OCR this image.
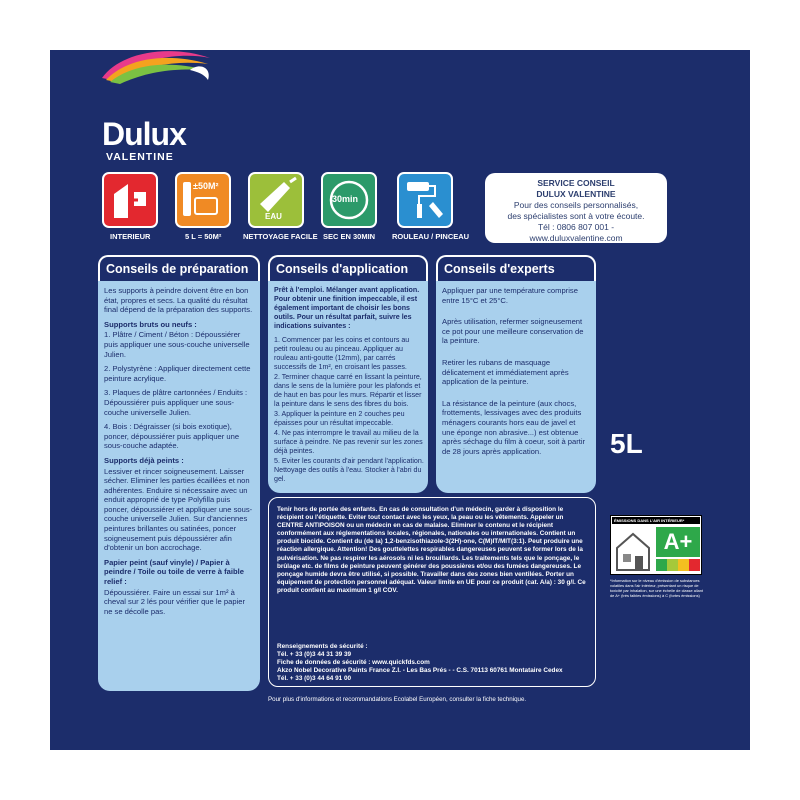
Dulux
VALENTINE
INTERIEUR
±50M²
5 L = 50M²
EAU
NETTOYAGE FACILE
30min
SEC EN 30MIN ROULEAU / PINCEAU
SERVICE CONSEIL
DULUX VALENTINE
Pour des conseils personnalisés,
des spécialistes sont à votre écoute.
Tél : 0806 807 001 -
www.duluxvalentine.com
Conseils de préparation

Les supports à peindre doivent être en bon état, propres et secs. La qualité du résultat final dépend de la préparation des supports.

Supports bruts ou neufs :

1. Plâtre / Ciment / Béton : Dépoussiérer puis appliquer une sous-couche universelle Julien.

2. Polystyrène : Appliquer directement cette peinture acrylique.

3. Plaques de plâtre cartonnées / Enduits : Dépoussiérer puis appliquer une sous-couche universelle Julien.

4. Bois : Dégraisser (si bois exotique), poncer, dépoussiérer puis appliquer une sous-couche adaptée.

Supports déjà peints :

Lessiver et rincer soigneusement. Laisser sécher. Eliminer les parties écaillées et non adhérentes. Enduire si nécessaire avec un enduit approprié de type Polyfilla puis poncer, dépoussiérer et appliquer une sous-couche universelle Julien. Sur d'anciennes peintures brillantes ou satinées, poncer soigneusement puis dépoussiérer afin d'obtenir un bon accrochage.

Papier peint (sauf vinyle) / Papier à peindre / Toile ou toile de verre à faible relief :

Dépoussiérer. Faire un essai sur 1m² à cheval sur 2 lés pour vérifier que le papier ne se décolle pas.

Conseils d'application

Prêt à l'emploi. Mélanger avant application. Pour obtenir une finition impeccable, il est également important de choisir les bons outils. Pour un résultat parfait, suivre les indications suivantes :

1. Commencer par les coins et contours au petit rouleau ou au pinceau. Appliquer au rouleau anti-goutte (12mm), par carrés successifs de 1m², en croisant les passes.

2. Terminer chaque carré en lissant la peinture, dans le sens de la lumière pour les plafonds et de haut en bas pour les murs. Répartir et lisser la peinture dans le sens des fibres du bois.

3. Appliquer la peinture en 2 couches peu épaisses pour un résultat impeccable.

4. Ne pas interrompre le travail au milieu de la surface à peindre. Ne pas revenir sur les zones déjà peintes.

5. Eviter les courants d'air pendant l'application. Nettoyage des outils à l'eau. Stocker à l'abri du gel.

Conseils d'experts

Appliquer par une température comprise entre 15°C et 25°C.

Après utilisation, refermer soigneusement ce pot pour une meilleure conservation de la peinture.

Retirer les rubans de masquage délicatement et immédiatement après application de la peinture.

La résistance de la peinture (aux chocs, frottements, lessivages avec des produits ménagers courants hors eau de javel et une éponge non abrasive...) est obtenue après séchage du film à coeur, soit à partir de 28 jours après application.	5L
ÉMISSIONS DANS L'AIR INTÉRIEUR*
A+
*Information sur le niveau d'émission de substances volatiles dans l'air intérieur, présentant un risque de toxicité par inhalation, sur une échelle de classe allant de A+ (très faibles émissions) à C (fortes émissions)

Tenir hors de portée des enfants. En cas de consultation d'un médecin, garder à disposition le récipient ou l'étiquette. Eviter tout contact avec les yeux, la peau ou les vêtements. Appeler un CENTRE ANTIPOISON ou un médecin en cas de malaise. Eliminer le contenu et le récipient conformément aux réglementations locales, régionales, nationales ou internationales. Contient un produit biocide. Contient du (de la) 1,2-benzisothiazole-3(2H)-one, C(M)IT/MIT(3:1). Peut produire une réaction allergique. Attention! Des gouttelettes respirables dangereuses peuvent se former lors de la pulvérisation. Ne pas respirer les aérosols ni les brouillards. Les traitements tels que le ponçage, le brûlage etc. de films de peinture peuvent générer des poussières et/ou des fumées dangereuses. Le ponçage humide devra être utilisé, si possible. Travailler dans des zones bien ventilées. Porter un équipement de protection personnel adéquat. Valeur limite en UE pour ce produit (cat. A/a) : 30 g/l. Ce produit contient au maximum 1 g/l COV.

Renseignements de sécurité :

Tél. + 33 (0)3 44 31 39 39

Fiche de données de sécurité : www.quickfds.com

Akzo Nobel Decorative Paints France Z.I. - Les Bas Prés - - C.S. 70113 60761 Montataire Cedex

Tél. + 33 (0)3 44 64 91 00

Pour plus d'informations et recommandations Ecolabel Européen, consulter la fiche technique.
